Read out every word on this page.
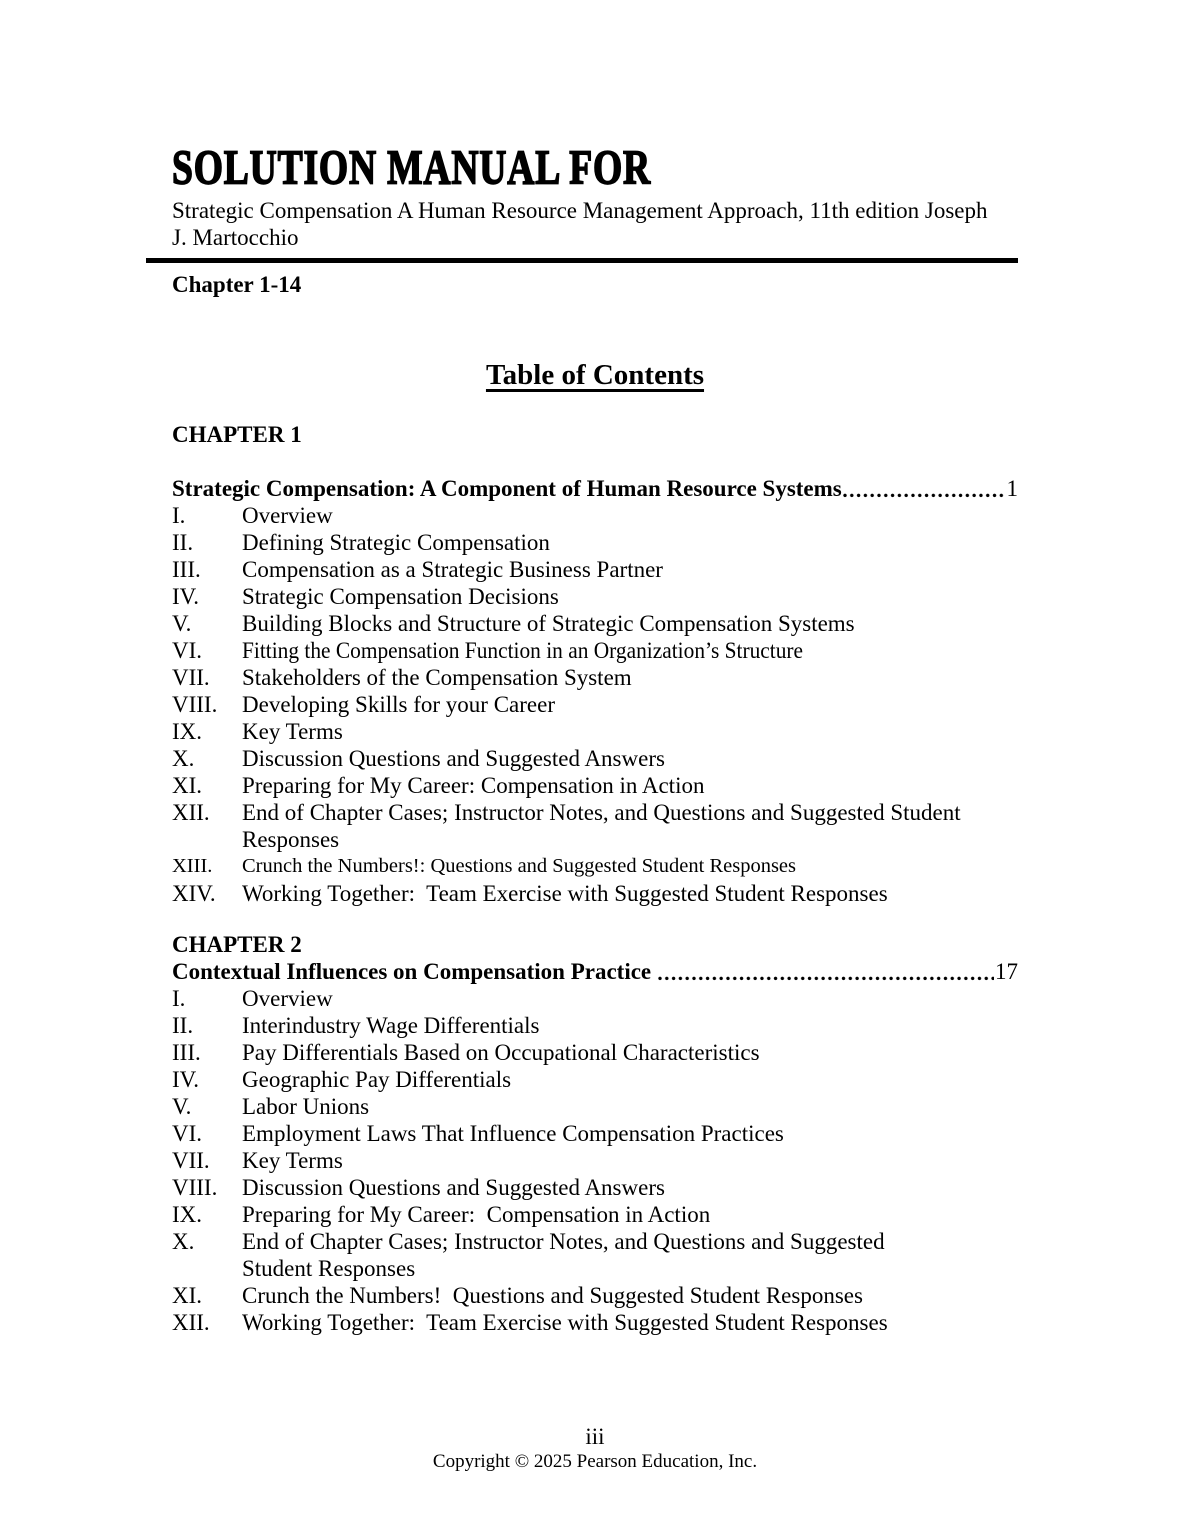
SOLUTION MANUAL FOR
Strategic Compensation A Human Resource Management Approach, 11th edition Joseph
J. Martocchio
Chapter 1-14
Table of Contents
CHAPTER 1
Strategic Compensation: A Component of Human Resource Systems	1
I.	Overview
II.	Defining Strategic Compensation
III.	Compensation as a Strategic Business Partner
IV.	Strategic Compensation Decisions
V.	Building Blocks and Structure of Strategic Compensation Systems
VI.	Fitting the Compensation Function in an Organization’s Structure
VII.	Stakeholders of the Compensation System
VIII.	Developing Skills for your Career
IX.	Key Terms
X.	Discussion Questions and Suggested Answers
XI.	Preparing for My Career: Compensation in Action
XII.	End of Chapter Cases; Instructor Notes, and Questions and Suggested Student
Responses
XIII.	Crunch the Numbers!: Questions and Suggested Student Responses
XIV.	Working Together:  Team Exercise with Suggested Student Responses
CHAPTER 2
Contextual Influences on Compensation Practice	17
I.	Overview
II.	Interindustry Wage Differentials
III.	Pay Differentials Based on Occupational Characteristics
IV.	Geographic Pay Differentials
V.	Labor Unions
VI.	Employment Laws That Influence Compensation Practices
VII.	Key Terms
VIII.	Discussion Questions and Suggested Answers
IX.	Preparing for My Career:  Compensation in Action
X.	End of Chapter Cases; Instructor Notes, and Questions and Suggested
Student Responses
XI.	Crunch the Numbers!  Questions and Suggested Student Responses
XII.	Working Together:  Team Exercise with Suggested Student Responses
iii
Copyright © 2025 Pearson Education, Inc.
